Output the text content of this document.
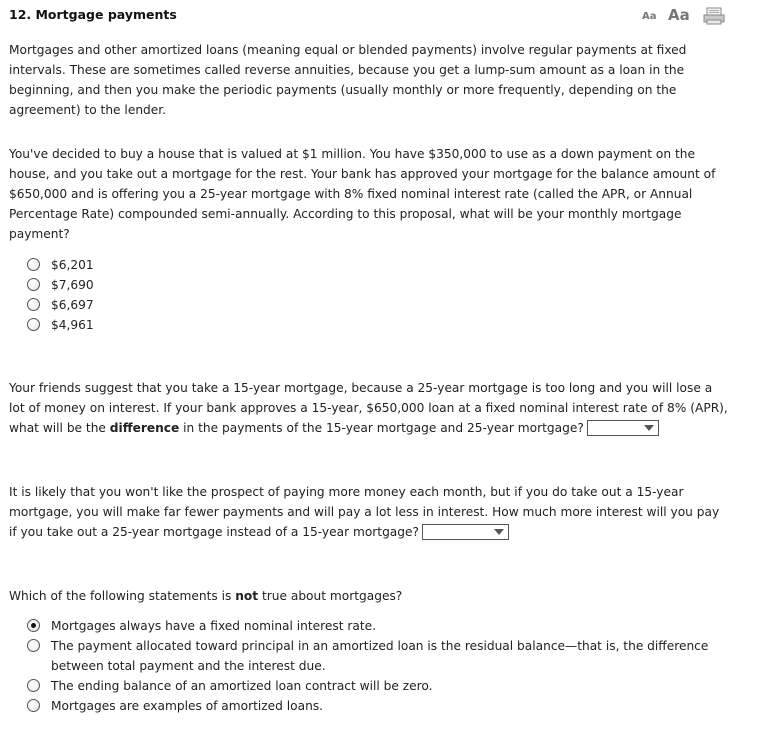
12. Mortgage payments	Aa Aa

Mortgages and other amortized loans (meaning equal or blended payments) involve regular payments at fixed intervals. These are sometimes called reverse annuities, because you get a lump-sum amount as a loan in the beginning, and then you make the periodic payments (usually monthly or more frequently, depending on the agreement) to the lender.

You've decided to buy a house that is valued at $1 million. You have $350,000 to use as a down payment on the house, and you take out a mortgage for the rest. Your bank has approved your mortgage for the balance amount of $650,000 and is offering you a 25-year mortgage with 8% fixed nominal interest rate (called the APR, or Annual Percentage Rate) compounded semi-annually. According to this proposal, what will be your monthly mortgage payment?

$6,201
$7,690
$6,697
$4,961

Your friends suggest that you take a 15-year mortgage, because a 25-year mortgage is too long and you will lose a lot of money on interest. If your bank approves a 15-year, $650,000 loan at a fixed nominal interest rate of 8% (APR), what will be the difference in the payments of the 15-year mortgage and 25-year mortgage?

It is likely that you won't like the prospect of paying more money each month, but if you do take out a 15-year mortgage, you will make far fewer payments and will pay a lot less in interest. How much more interest will you pay if you take out a 25-year mortgage instead of a 15-year mortgage?

Which of the following statements is not true about mortgages?

Mortgages always have a fixed nominal interest rate.
The payment allocated toward principal in an amortized loan is the residual balance—that is, the difference between total payment and the interest due.
The ending balance of an amortized loan contract will be zero.
Mortgages are examples of amortized loans.
